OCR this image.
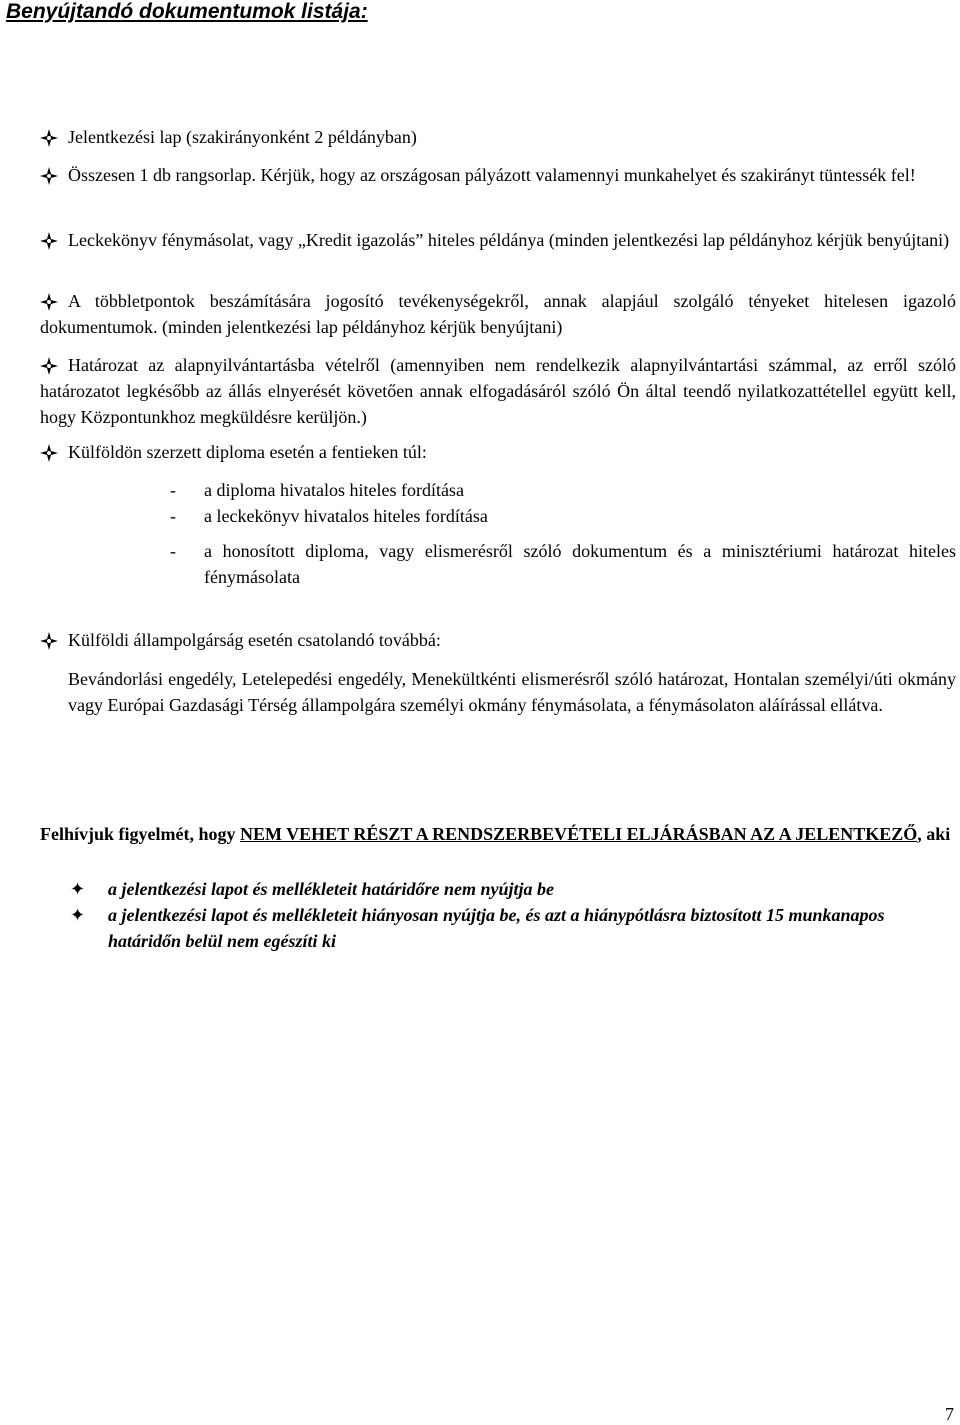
Benyújtandó dokumentumok listája:
Jelentkezési lap (szakirányonként 2 példányban)
Összesen 1 db rangsorlap. Kérjük, hogy az országosan pályázott valamennyi munkahelyet és szakirányt tüntessék fel!
Leckekönyv fénymásolat, vagy „Kredit igazolás” hiteles példánya (minden jelentkezési lap példányhoz kérjük benyújtani)
A többletpontok beszámítására jogosító tevékenységekről, annak alapjául szolgáló tényeket hitelesen igazoló dokumentumok. (minden jelentkezési lap példányhoz kérjük benyújtani)
Határozat az alapnyilvántartásba vételről (amennyiben nem rendelkezik alapnyilvántartási számmal, az erről szóló határozatot legkésőbb az állás elnyerését követően annak elfogadásáról szóló Ön által teendő nyilatkozattétellel együtt kell, hogy Központunkhoz megküldésre kerüljön.)
Külföldön szerzett diploma esetén a fentieken túl:
- a diploma hivatalos hiteles fordítása
- a leckekönyv hivatalos hiteles fordítása
- a honosított diploma, vagy elismerésről szóló dokumentum és a minisztériumi határozat hiteles fénymásolata
Külföldi állampolgárság esetén csatolandó továbbá:
Bevándorlási engedély, Letelepedési engedély, Menekültkénti elismerésről szóló határozat, Hontalan személyi/úti okmány vagy Európai Gazdasági Térség állampolgára személyi okmány fénymásolata, a fénymásolaton aláírással ellátva.
Felhívjuk figyelmét, hogy NEM VEHET RÉSZT A RENDSZERBEVÉTELI ELJÁRÁSBAN AZ A JELENTKEZŐ, aki
✦ a jelentkezési lapot és mellékleteit határidőre nem nyújtja be
✦ a jelentkezési lapot és mellékleteit hiányosan nyújtja be, és azt a hiánypótlásra biztosított 15 munkanapos határidőn belül nem egészíti ki
7
